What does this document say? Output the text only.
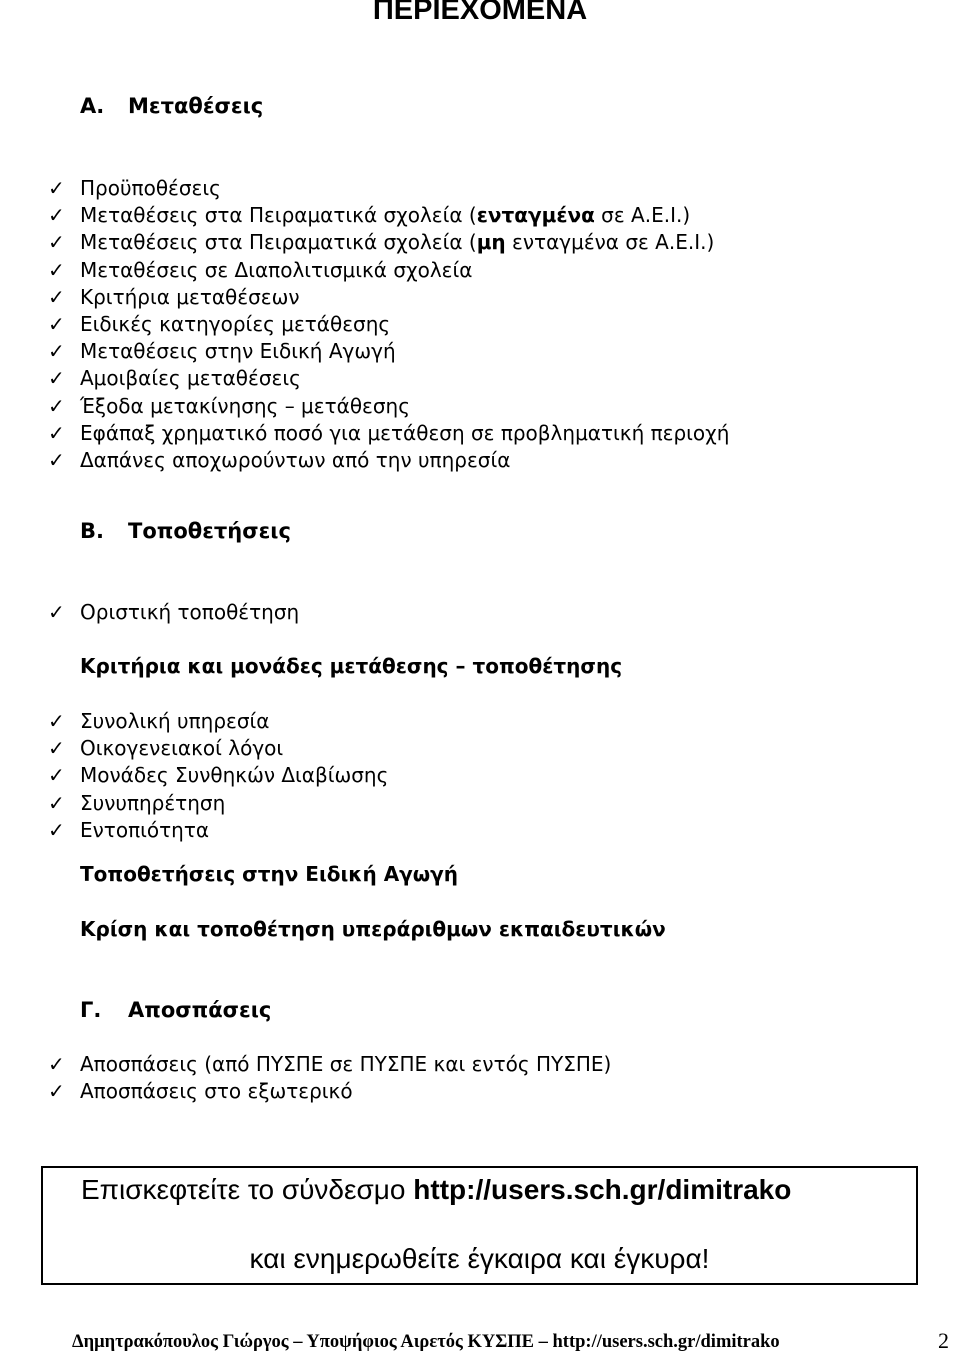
ΠΕΡΙΕΧΟΜΕΝΑ
Α. Μεταθέσεις
✓ Προϋποθέσεις
✓ Μεταθέσεις στα Πειραματικά σχολεία (ενταγμένα σε Α.Ε.Ι.)
✓ Μεταθέσεις στα Πειραματικά σχολεία (μη ενταγμένα σε Α.Ε.Ι.)
✓ Μεταθέσεις σε Διαπολιτισμικά σχολεία
✓ Κριτήρια μεταθέσεων
✓ Ειδικές κατηγορίες μετάθεσης
✓ Μεταθέσεις στην Ειδική Αγωγή
✓ Αμοιβαίες μεταθέσεις
✓ Έξοδα μετακίνησης – μετάθεσης
✓ Εφάπαξ χρηματικό ποσό για μετάθεση σε προβληματική περιοχή
✓ Δαπάνες αποχωρούντων από την υπηρεσία
Β. Τοποθετήσεις
✓ Οριστική τοποθέτηση
Κριτήρια και μονάδες μετάθεσης – τοποθέτησης
✓ Συνολική υπηρεσία
✓ Οικογενειακοί λόγοι
✓ Μονάδες Συνθηκών Διαβίωσης
✓ Συνυπηρέτηση
✓ Εντοπιότητα
Τοποθετήσεις στην Ειδική Αγωγή
Κρίση και τοποθέτηση υπεράριθμων εκπαιδευτικών
Γ. Αποσπάσεις
✓ Αποσπάσεις (από ΠΥΣΠΕ σε ΠΥΣΠΕ και εντός ΠΥΣΠΕ)
✓ Αποσπάσεις στο εξωτερικό
Επισκεφτείτε το σύνδεσμο http://users.sch.gr/dimitrako
και ενημερωθείτε έγκαιρα και έγκυρα!
Δημητρακόπουλος Γιώργος – Υποψήφιος Αιρετός ΚΥΣΠΕ – http://users.sch.gr/dimitrako	2
